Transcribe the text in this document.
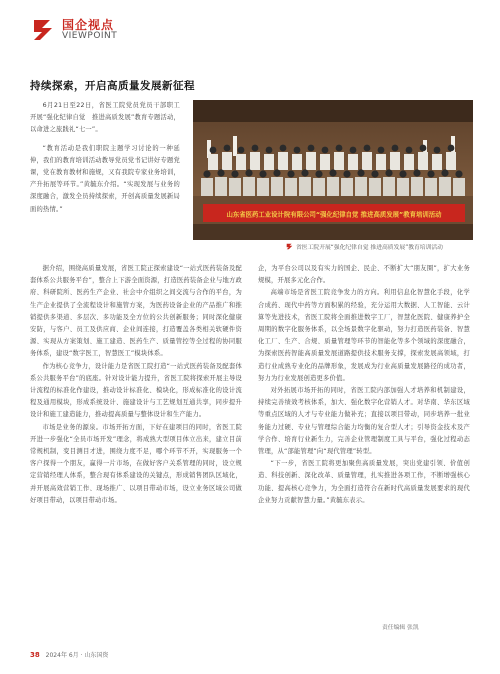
国企视点
VIEWPOINT
持续探索，开启高质量发展新征程

6月21日至22日，省医工院党员党员干部职工开展“强化纪律自觉　推进高质发展”教育专题活动，以命进之旅践礼“七一”。

“教育活动是我们职院主题学习讨论的一种延伸，我们的教育培训活动教导党员党书记讲好专题党课，党在教育教材和施规，又有我院专家业务培训，产升拓展等环节。”黄毓东介绍。“实现发展与业务的深度融合，激发全员持续探索，开创高质量发展新局面的热情。”

山东省医药工业设计院有限公司“强化纪律自觉 推进高质发展”教育培训活动
省医工院开展“强化纪律自觉 推进高质发展”教育培训活动

据介绍，围绕高质量发展，省医工院正探索建设“一站式医药装备及配套体系公共服务平台”，整合上下游全面资源，打造医药装备企业与地方政府、科研院所、医药生产企业、社会中介组织之间交流与合作的平台，为生产企业提供了全流程设计和施管方案，为医药设备企业的产品推广和推销提供多渠道、多层次、多功能及全方位的公共创新服务；同时深化健康安防，与客户、员工及供应商、企业间连接，打造覆盖各类相关软硬件资源、实现从方案策划、施工建造、医药生产、质量管控等全过程的协同服务体系，建设“数字医工，智慧医工”模块体系。

作为核心竞争力，设计能力是省医工院打造“一站式医药装备及配套体系公共服务平台”的底座。针对设计能力提升，省医工院将探索开展主导设计流程的标准化作建设，推动设计标准化、模块化，形成标准化的设计流程及通用模块，形成系统设计、施建设计与工艺规划互通共享，同步提升设计和施工建造能力，推动提高质量与整体设计和生产能力。

市场是业务的源泉。市场开拓方面，下好在建项目的同时，省医工院开进一步强化“全员市场开发”理念，将成熟大型项目体立出来，建立目前常规机制，变目测目才进，围绕力度不足，哪个环节不开，实现服务一个客户探得一个朋友，赢得一片市场，在做好客户关系管理的同时，设立规定营销经理人体系，整合现有体系建设的关键点，形成销售团队区域化，并开展高效营销工作、现场推广、以项目带动市场，设立业务区域公司做好项目带动，以项目带动市场。

企，为平台公司以及有实力的国企、民企、不断扩大“朋友圈”，扩大业务规模，开展多元化合作。

高端市场是省医工院竞争发力的方向。利用信息化智慧化手段，化学合成药、现代中药等方面积累的经验，充分运用大数据、人工智能、云计算等先进技术，省医工院将全面推进数字工厂，智慧化医院、健康养护全周期的数字化服务体系，以全场景数字化驱动，努力打造医药装备、智慧化工厂、生产、合规、质量管理等环节的智能化等多个领域的深度融合，为探索医药智能高质量发展道路提供技术服务支撑，探索发展高领域，打造行业成熟专业化的品牌形象，发展成为行业高质量发展路径的成功者，努力为行业发展创造更多价值。

对外拓展市场开拓的同时，省医工院内部加强人才培养和机制建设，持续完善绩效考核体系，加大、强化数字化营销人才。对华南、华东区域等重点区域的人才与专业能力做补充；直接以项目带动，同步培养一批业务能力过硬、专业与管理综合能力均衡的复合型人才；引导资金技术及产学合作、培育行业新生力，完善企业管理制度工具与平台，强化过程动态管理，从“部能管理”向“现代管理”转型。

“下一步，省医工院将更加聚焦高质量发展，突出党建引领、价值创造、科技创新、深化改革、质量管理，扎实推进各项工作，不断增强核心功能、提高核心竞争力，为全面打造符合在新时代高质量发展要求的现代企业努力贡献智慧力量。”黄毓东表示。

责任编辑 张凯
38 2024年 6月 · 山东国资
